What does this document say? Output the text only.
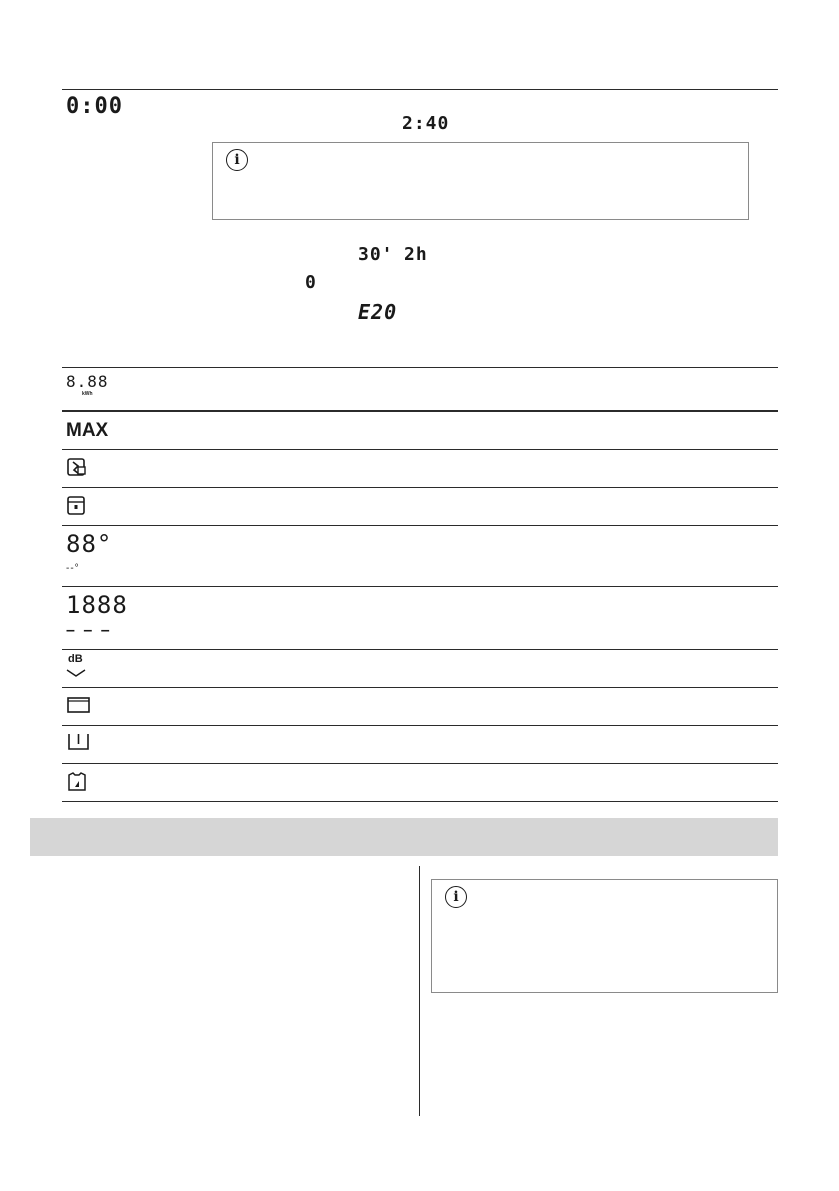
0:00
2:40
i
30' 2h
0
E20
8.88
kWh
MAX
88°
--°
1888
– – –
dB
i
